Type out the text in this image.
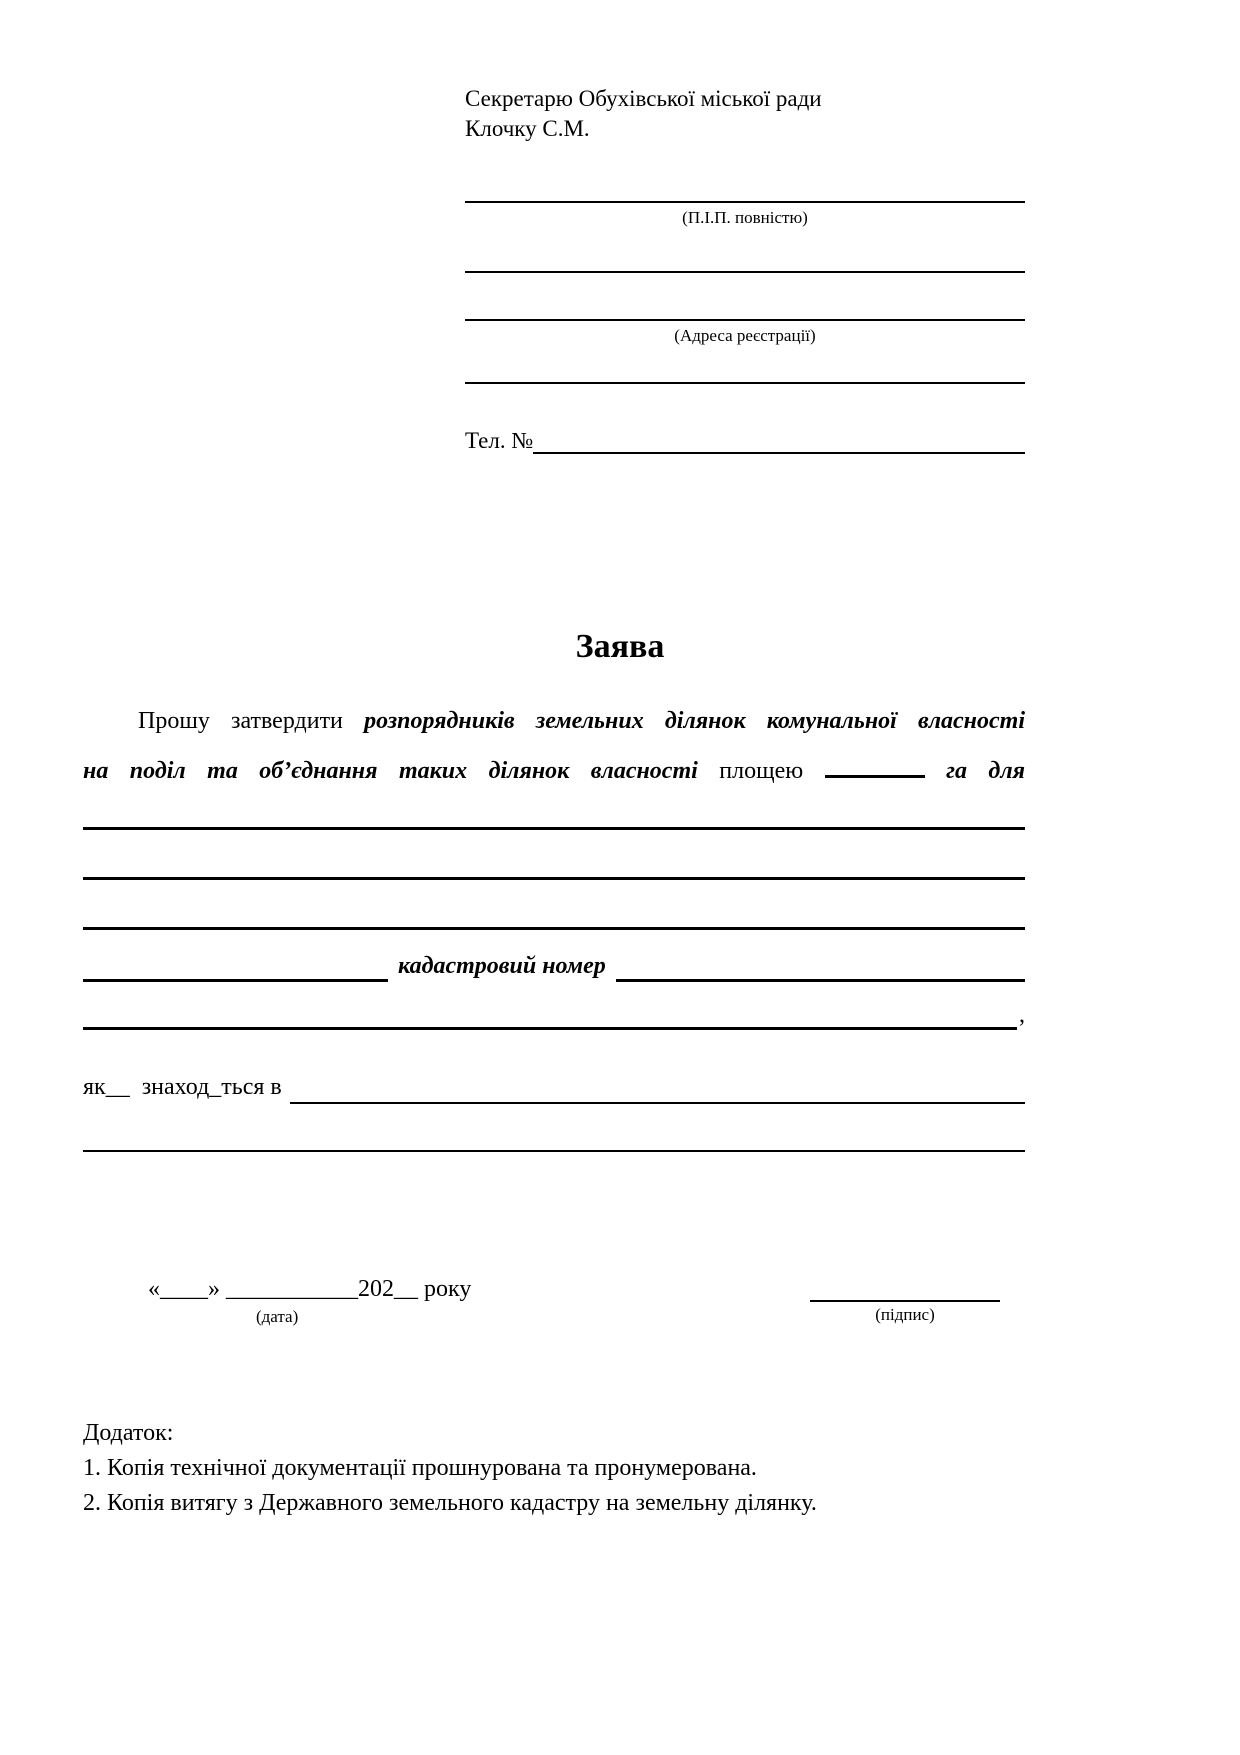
Секретарю Обухівської міської ради
Клочку С.М.
(П.І.П. повністю)
(Адреса реєстрації)
Тел. №
Заява
Прошу затвердити розпорядників земельних ділянок комунальної власності
на поділ та об’єднання таких ділянок власності площею	га для
кадастровий номер
,
як__  знаход_ться в
«____» ___________202__ року
(дата)	(підпис)
Додаток:
1. Копія технічної документації прошнурована та пронумерована.
2. Копія витягу з Державного земельного кадастру на земельну ділянку.
